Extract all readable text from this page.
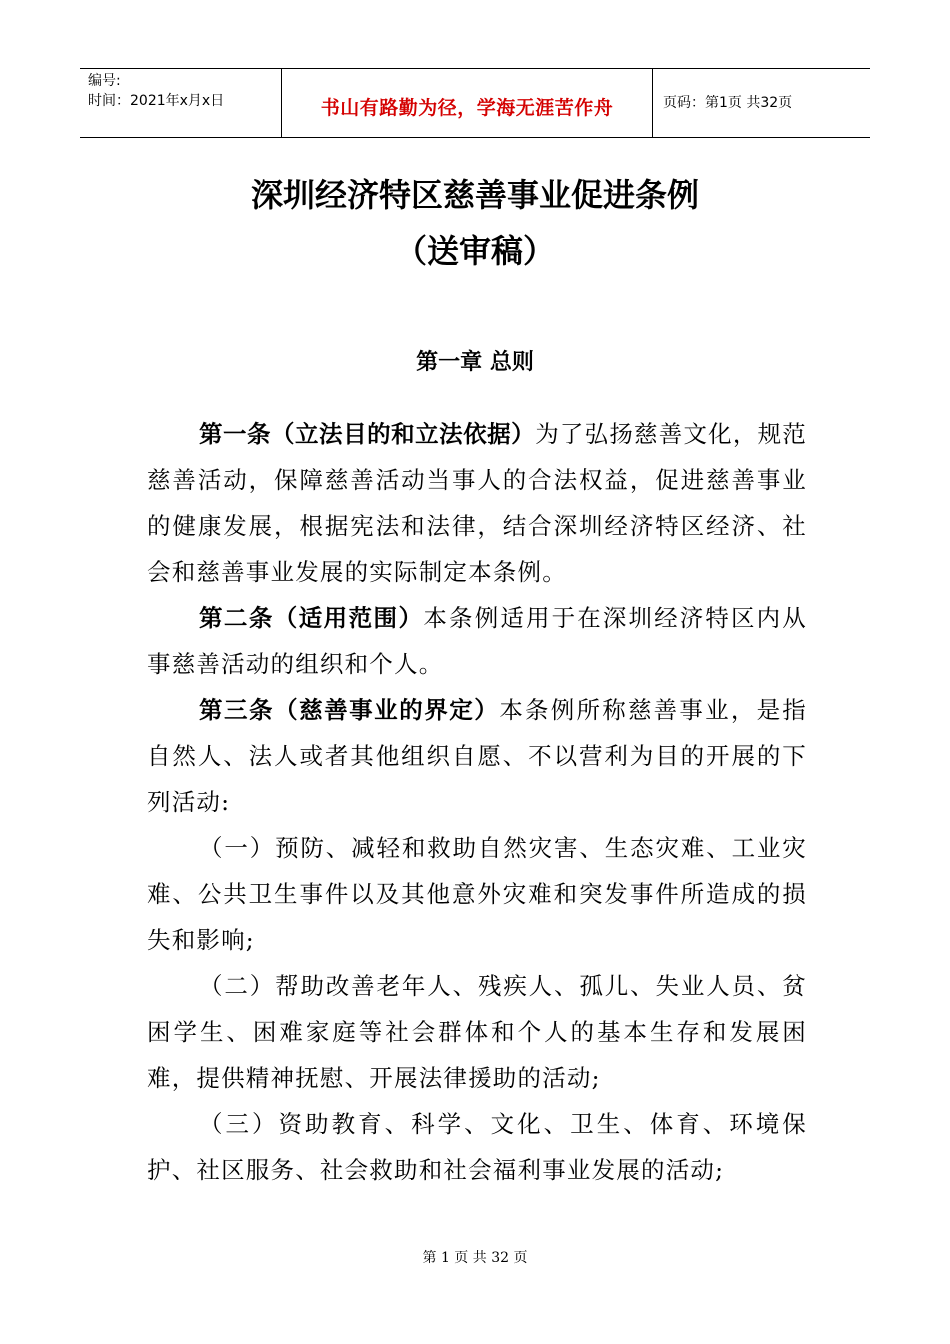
编号:
时间：2021年x月x日	书山有路勤为径，学海无涯苦作舟	页码：第1页 共32页
深圳经济特区慈善事业促进条例
（送审稿）
第一章 总则

第一条（立法目的和立法依据）为了弘扬慈善文化，规范慈善活动，保障慈善活动当事人的合法权益，促进慈善事业的健康发展，根据宪法和法律，结合深圳经济特区经济、社会和慈善事业发展的实际制定本条例。

第二条（适用范围）本条例适用于在深圳经济特区内从事慈善活动的组织和个人。

第三条（慈善事业的界定）本条例所称慈善事业，是指自然人、法人或者其他组织自愿、不以营利为目的开展的下列活动:

（一）预防、减轻和救助自然灾害、生态灾难、工业灾难、公共卫生事件以及其他意外灾难和突发事件所造成的损失和影响;

（二）帮助改善老年人、残疾人、孤儿、失业人员、贫困学生、困难家庭等社会群体和个人的基本生存和发展困难，提供精神抚慰、开展法律援助的活动;

（三）资助教育、科学、文化、卫生、体育、环境保护、社区服务、社会救助和社会福利事业发展的活动;

第 1 页 共 32 页
